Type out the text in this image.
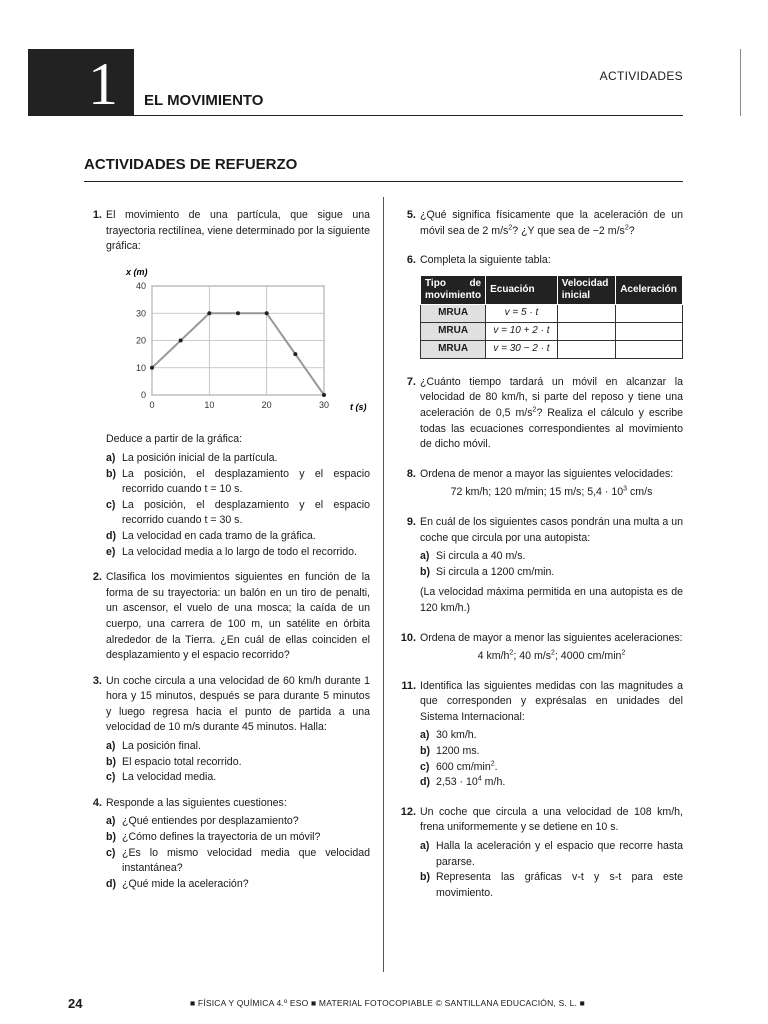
1 EL MOVIMIENTO
ACTIVIDADES
ACTIVIDADES DE REFUERZO
1. El movimiento de una partícula, que sigue una trayectoria rectilínea, viene determinado por la siguiente gráfica:
0
10
20
30
40
0	10	20	30
x (m)
t (s)
Deduce a partir de la gráfica:
a) La posición inicial de la partícula.
b) La posición, el desplazamiento y el espacio recorrido cuando t = 10 s.
c) La posición, el desplazamiento y el espacio recorrido cuando t = 30 s.
d) La velocidad en cada tramo de la gráfica.
e) La velocidad media a lo largo de todo el recorrido.
2. Clasifica los movimientos siguientes en función de la forma de su trayectoria: un balón en un tiro de penalti, un ascensor, el vuelo de una mosca; la caída de un cuerpo, una carrera de 100 m, un satélite en órbita alrededor de la Tierra. ¿En cuál de ellas coinciden el desplazamiento y el espacio recorrido?
3. Un coche circula a una velocidad de 60 km/h durante 1 hora y 15 minutos, después se para durante 5 minutos y luego regresa hacia el punto de partida a una velocidad de 10 m/s durante 45 minutos. Halla:
a) La posición final.
b) El espacio total recorrido.
c) La velocidad media.
4. Responde a las siguientes cuestiones:
a) ¿Qué entiendes por desplazamiento?
b) ¿Cómo defines la trayectoria de un móvil?
c) ¿Es lo mismo velocidad media que velocidad instantánea?
d) ¿Qué mide la aceleración?
5. ¿Qué significa físicamente que la aceleración de un móvil sea de 2 $m/s^2$? ¿Y que sea de −2 $m/s^2$?
6. Completa la siguiente tabla:
Tipo de movimiento	Ecuación	Velocidad inicial	Aceleración
MRUA	v = 5 · t		
MRUA	v = 10 + 2 · t		
MRUA	v = 30 − 2 · t		
7. ¿Cuánto tiempo tardará un móvil en alcanzar la velocidad de 80 km/h, si parte del reposo y tiene una aceleración de 0,5 $m/s^2$? Realiza el cálculo y escribe todas las ecuaciones correspondientes al movimiento de dicho móvil.
8. Ordena de menor a mayor las siguientes velocidades:
72 km/h; 120 m/min; 15 m/s; $5,4 \cdot 10^3$ cm/s
9. En cuál de los siguientes casos pondrán una multa a un coche que circula por una autopista:
a) Si circula a 40 m/s.
b) Si circula a 1200 cm/min.
(La velocidad máxima permitida en una autopista es de 120 km/h.)
10. Ordena de mayor a menor las siguientes aceleraciones:
4 $km/h^2$; 40 $m/s^2$; 4000 $cm/\min^2$
11. Identifica las siguientes medidas con las magnitudes a que corresponden y exprésalas en unidades del Sistema Internacional:
a) 30 km/h.
b) 1200 ms.
c) 600 $cm/\min^2$.
d) $2,53 \cdot 10^4$ m/h.
12. Un coche que circula a una velocidad de 108 km/h, frena uniformemente y se detiene en 10 s.
a) Halla la aceleración y el espacio que recorre hasta pararse.
b) Representa las gráficas v-t y s-t para este movimiento.
24	■ FÍSICA Y QUÍMICA 4.º ESO ■ MATERIAL FOTOCOPIABLE © SANTILLANA EDUCACIÓN, S. L. ■
